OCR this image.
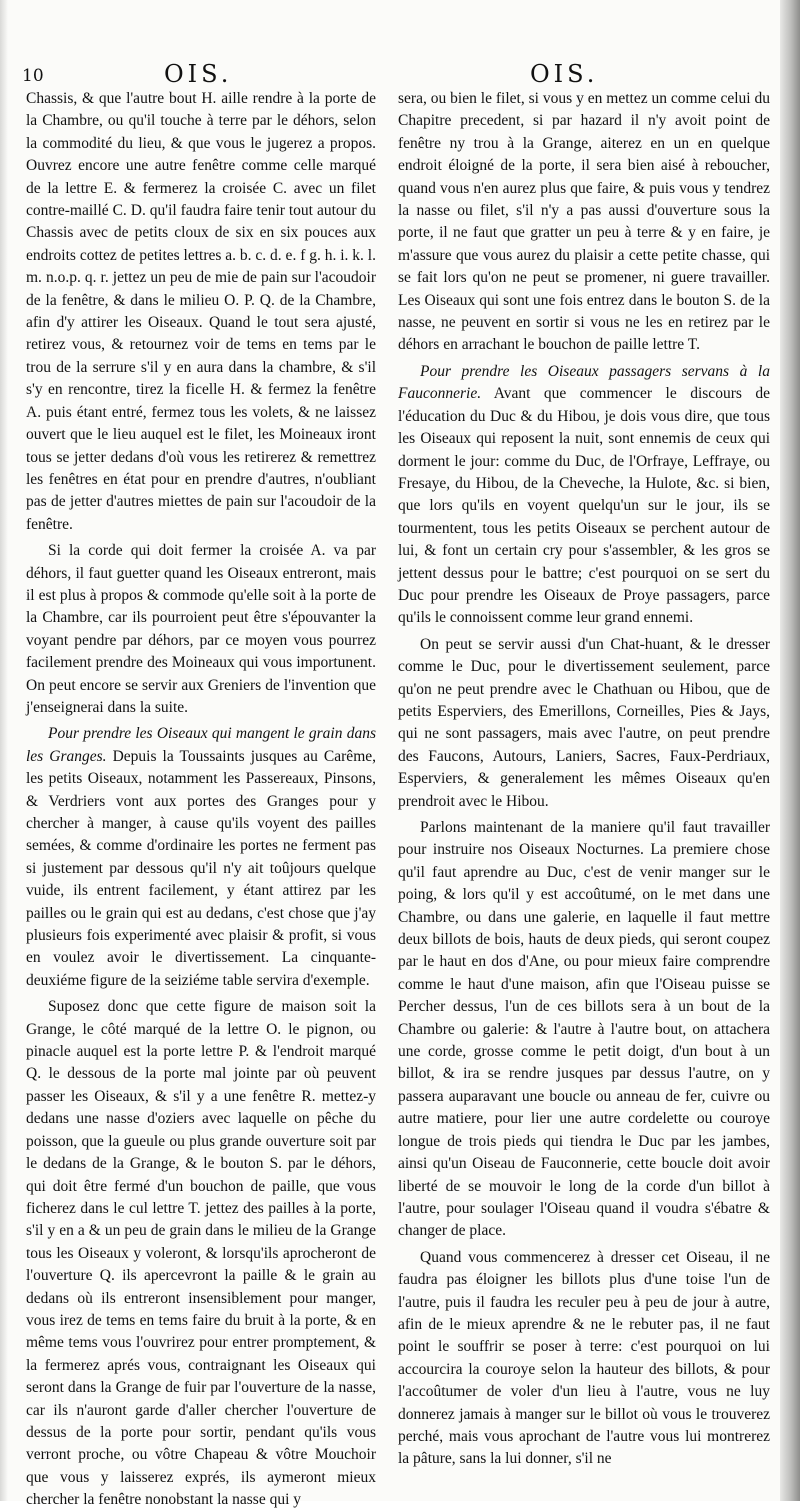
10	OIS.	OIS.

Chassis, & que l'autre bout H. aille rendre à la porte de la Chambre, ou qu'il touche à terre par le déhors, selon la commodité du lieu, & que vous le jugerez a propos. Ouvrez encore une autre fenêtre comme celle marqué de la lettre E. & fermerez la croisée C. avec un filet contre-maillé C. D. qu'il faudra faire tenir tout autour du Chassis avec de petits cloux de six en six pouces aux endroits cottez de petites lettres a. b. c. d. e. f g. h. i. k. l. m. n.o.p. q. r. jettez un peu de mie de pain sur l'acoudoir de la fenêtre, & dans le milieu O. P. Q. de la Chambre, afin d'y attirer les Oiseaux. Quand le tout sera ajusté, retirez vous, & retournez voir de tems en tems par le trou de la serrure s'il y en aura dans la chambre, & s'il s'y en rencontre, tirez la ficelle H. & fermez la fenêtre A. puis étant entré, fermez tous les volets, & ne laissez ouvert que le lieu auquel est le filet, les Moineaux iront tous se jetter dedans d'où vous les retirerez & remettrez les fenêtres en état pour en prendre d'autres, n'oubliant pas de jetter d'autres miettes de pain sur l'acoudoir de la fenêtre.

Si la corde qui doit fermer la croisée A. va par déhors, il faut guetter quand les Oiseaux entreront, mais il est plus à propos & commode qu'elle soit à la porte de la Chambre, car ils pourroient peut être s'épouvanter la voyant pendre par déhors, par ce moyen vous pourrez facilement prendre des Moineaux qui vous importunent. On peut encore se servir aux Greniers de l'invention que j'enseignerai dans la suite.

Pour prendre les Oiseaux qui mangent le grain dans les Granges. Depuis la Toussaints jusques au Carême, les petits Oiseaux, notamment les Passereaux, Pinsons, & Verdriers vont aux portes des Granges pour y chercher à manger, à cause qu'ils voyent des pailles semées, & comme d'ordinaire les portes ne ferment pas si justement par dessous qu'il n'y ait toûjours quelque vuide, ils entrent facilement, y étant attirez par les pailles ou le grain qui est au dedans, c'est chose que j'ay plusieurs fois experimenté avec plaisir & profit, si vous en voulez avoir le divertissement. La cinquante-deuxiéme figure de la seiziéme table servira d'exemple.

Suposez donc que cette figure de maison soit la Grange, le côté marqué de la lettre O. le pignon, ou pinacle auquel est la porte lettre P. & l'endroit marqué Q. le dessous de la porte mal jointe par où peuvent passer les Oiseaux, & s'il y a une fenêtre R. mettez-y dedans une nasse d'oziers avec laquelle on pêche du poisson, que la gueule ou plus grande ouverture soit par le dedans de la Grange, & le bouton S. par le déhors, qui doit être fermé d'un bouchon de paille, que vous ficherez dans le cul lettre T. jettez des pailles à la porte, s'il y en a & un peu de grain dans le milieu de la Grange tous les Oiseaux y voleront, & lorsqu'ils aprocheront de l'ouverture Q. ils apercevront la paille & le grain au dedans où ils entreront insensiblement pour manger, vous irez de tems en tems faire du bruit à la porte, & en même tems vous l'ouvrirez pour entrer promptement, & la fermerez aprés vous, contraignant les Oiseaux qui seront dans la Grange de fuir par l'ouverture de la nasse, car ils n'auront garde d'aller chercher l'ouverture de dessus de la porte pour sortir, pendant qu'ils vous verront proche, ou vôtre Chapeau & vôtre Mouchoir que vous y laisserez exprés, ils aymeront mieux chercher la fenêtre nonobstant la nasse qui y

sera, ou bien le filet, si vous y en mettez un comme celui du Chapitre precedent, si par hazard il n'y avoit point de fenêtre ny trou à la Grange, aiterez en un en quelque endroit éloigné de la porte, il sera bien aisé à reboucher, quand vous n'en aurez plus que faire, & puis vous y tendrez la nasse ou filet, s'il n'y a pas aussi d'ouverture sous la porte, il ne faut que gratter un peu à terre & y en faire, je m'assure que vous aurez du plaisir a cette petite chasse, qui se fait lors qu'on ne peut se promener, ni guere travailler. Les Oiseaux qui sont une fois entrez dans le bouton S. de la nasse, ne peuvent en sortir si vous ne les en retirez par le déhors en arrachant le bouchon de paille lettre T.

Pour prendre les Oiseaux passagers servans à la Fauconnerie. Avant que commencer le discours de l'éducation du Duc & du Hibou, je dois vous dire, que tous les Oiseaux qui reposent la nuit, sont ennemis de ceux qui dorment le jour: comme du Duc, de l'Orfraye, Leffraye, ou Fresaye, du Hibou, de la Cheveche, la Hulote, &c. si bien, que lors qu'ils en voyent quelqu'un sur le jour, ils se tourmentent, tous les petits Oiseaux se perchent autour de lui, & font un certain cry pour s'assembler, & les gros se jettent dessus pour le battre; c'est pourquoi on se sert du Duc pour prendre les Oiseaux de Proye passagers, parce qu'ils le connoissent comme leur grand ennemi.

On peut se servir aussi d'un Chat-huant, & le dresser comme le Duc, pour le divertissement seulement, parce qu'on ne peut prendre avec le Chathuan ou Hibou, que de petits Esperviers, des Emerillons, Corneilles, Pies & Jays, qui ne sont passagers, mais avec l'autre, on peut prendre des Faucons, Autours, Laniers, Sacres, Faux-Perdriaux, Esperviers, & generalement les mêmes Oiseaux qu'en prendroit avec le Hibou.

Parlons maintenant de la maniere qu'il faut travailler pour instruire nos Oiseaux Nocturnes. La premiere chose qu'il faut aprendre au Duc, c'est de venir manger sur le poing, & lors qu'il y est accoûtumé, on le met dans une Chambre, ou dans une galerie, en laquelle il faut mettre deux billots de bois, hauts de deux pieds, qui seront coupez par le haut en dos d'Ane, ou pour mieux faire comprendre comme le haut d'une maison, afin que l'Oiseau puisse se Percher dessus, l'un de ces billots sera à un bout de la Chambre ou galerie: & l'autre à l'autre bout, on attachera une corde, grosse comme le petit doigt, d'un bout à un billot, & ira se rendre jusques par dessus l'autre, on y passera auparavant une boucle ou anneau de fer, cuivre ou autre matiere, pour lier une autre cordelette ou couroye longue de trois pieds qui tiendra le Duc par les jambes, ainsi qu'un Oiseau de Fauconnerie, cette boucle doit avoir liberté de se mouvoir le long de la corde d'un billot à l'autre, pour soulager l'Oiseau quand il voudra s'ébatre & changer de place.

Quand vous commencerez à dresser cet Oiseau, il ne faudra pas éloigner les billots plus d'une toise l'un de l'autre, puis il faudra les reculer peu à peu de jour à autre, afin de le mieux aprendre & ne le rebuter pas, il ne faut point le souffrir se poser à terre: c'est pourquoi on lui accourcira la couroye selon la hauteur des billots, & pour l'accoûtumer de voler d'un lieu à l'autre, vous ne luy donnerez jamais à manger sur le billot où vous le trouverez perché, mais vous aprochant de l'autre vous lui montrerez la pâture, sans la lui donner, s'il ne
